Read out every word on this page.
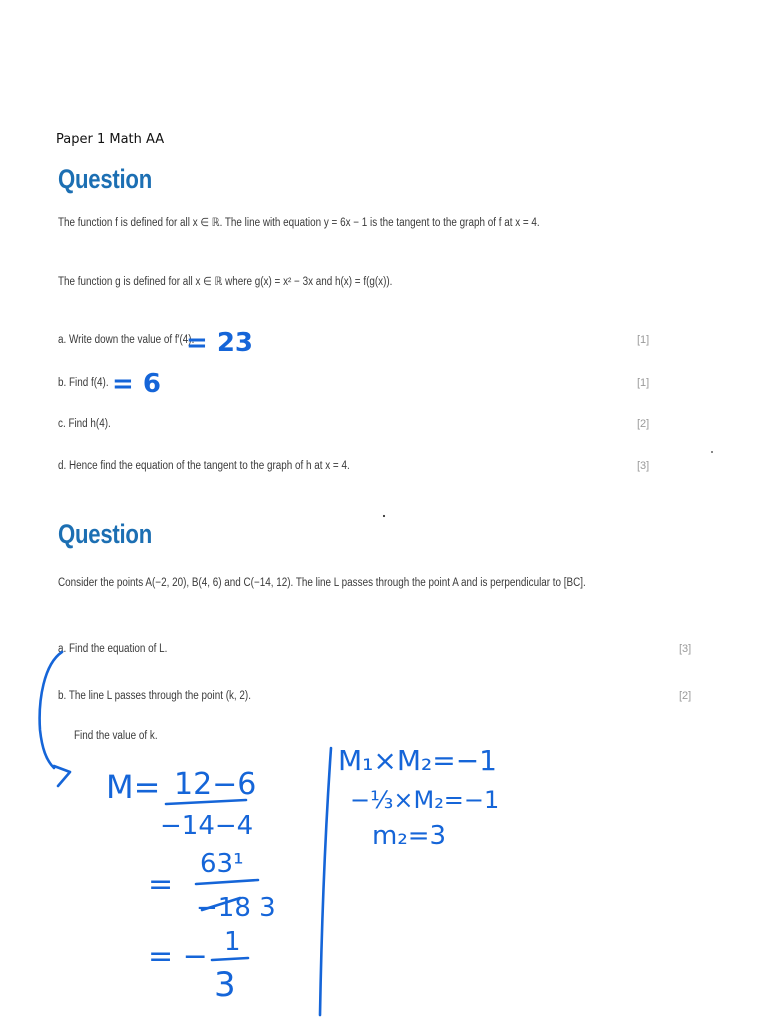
Paper 1 Math AA
Question
The function f is defined for all x ∈ ℝ. The line with equation y = 6x − 1 is the tangent to the graph of f at x = 4.
The function g is defined for all x ∈ ℝ where g(x) = x² − 3x and h(x) = f(g(x)).
a. Write down the value of f′(4).	[1]
b. Find f(4).	[1]
c. Find h(4).	[2]
d. Hence find the equation of the tangent to the graph of h at x = 4.	[3]
Question
Consider the points A(−2, 20), B(4, 6) and C(−14, 12). The line L passes through the point A and is perpendicular to [BC].
a. Find the equation of L.	[3]
b. The line L passes through the point (k, 2).	[2]
Find the value of k.
= 23
= 6
M= 12−6
−14−4
=
63¹
−18 3
= − 1
3
M₁×M₂=−1
−⅓×M₂=−1
m₂=3
